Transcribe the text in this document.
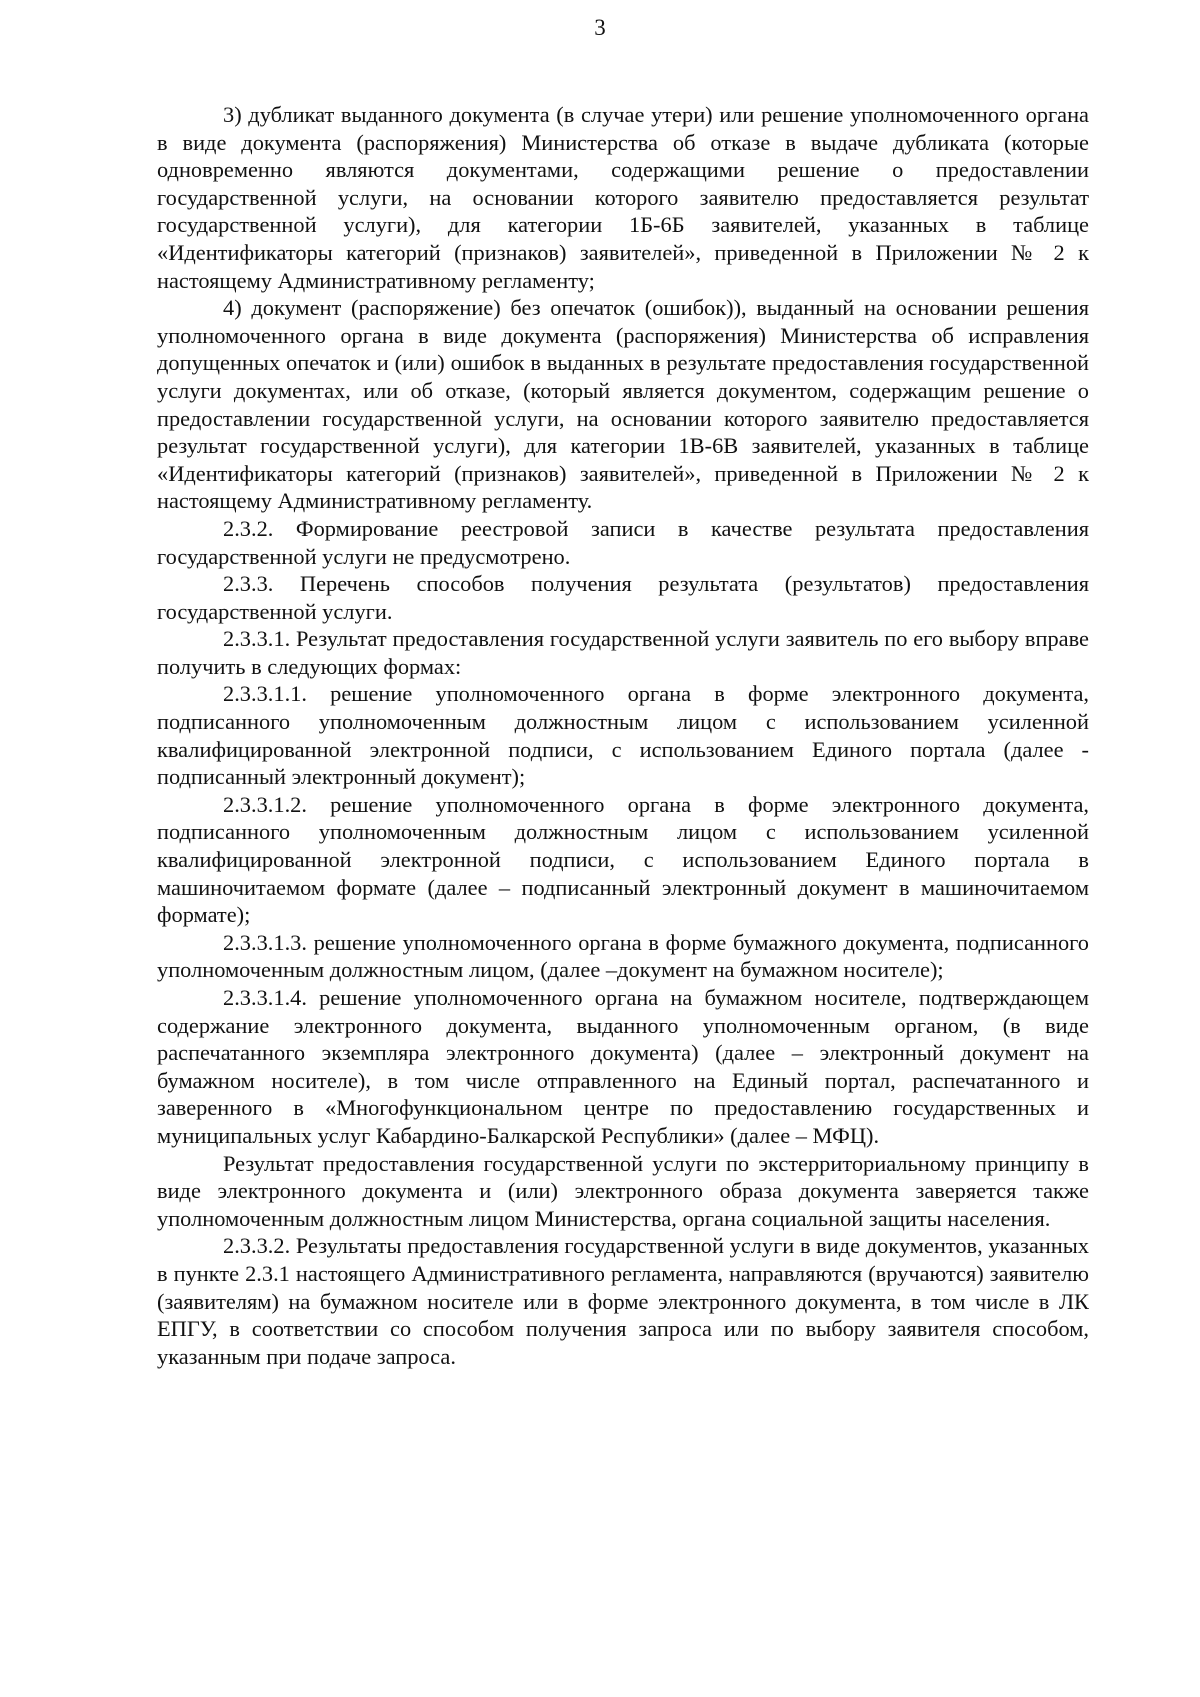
3

3) дубликат выданного документа (в случае утери) или решение уполномоченного органа в виде документа (распоряжения) Министерства об отказе в выдаче дубликата (которые одновременно являются документами, содержащими решение о предоставлении государственной услуги, на основании которого заявителю предоставляется результат государственной услуги), для категории 1Б-6Б заявителей, указанных в таблице «Идентификаторы категорий (признаков) заявителей», приведенной в Приложении № 2 к настоящему Административному регламенту;

4) документ (распоряжение) без опечаток (ошибок)), выданный на основании решения уполномоченного органа в виде документа (распоряжения) Министерства об исправления допущенных опечаток и (или) ошибок в выданных в результате предоставления государственной услуги документах, или об отказе, (который является документом, содержащим решение о предоставлении государственной услуги, на основании которого заявителю предоставляется результат государственной услуги), для категории 1В-6В заявителей, указанных в таблице «Идентификаторы категорий (признаков) заявителей», приведенной в Приложении № 2 к настоящему Административному регламенту.

2.3.2. Формирование реестровой записи в качестве результата предоставления государственной услуги не предусмотрено.

2.3.3. Перечень способов получения результата (результатов) предоставления государственной услуги.

2.3.3.1. Результат предоставления государственной услуги заявитель по его выбору вправе получить в следующих формах:

2.3.3.1.1. решение уполномоченного органа в форме электронного документа, подписанного уполномоченным должностным лицом с использованием усиленной квалифицированной электронной подписи, с использованием Единого портала (далее - подписанный электронный документ);

2.3.3.1.2. решение уполномоченного органа в форме электронного документа, подписанного уполномоченным должностным лицом с использованием усиленной квалифицированной электронной подписи, с использованием Единого портала в машиночитаемом формате (далее – подписанный электронный документ в машиночитаемом формате);

2.3.3.1.3. решение уполномоченного органа в форме бумажного документа, подписанного уполномоченным должностным лицом, (далее –документ на бумажном носителе);

2.3.3.1.4. решение уполномоченного органа на бумажном носителе, подтверждающем содержание электронного документа, выданного уполномоченным органом, (в виде распечатанного экземпляра электронного документа) (далее – электронный документ на бумажном носителе), в том числе отправленного на Единый портал, распечатанного и заверенного в «Многофункциональном центре по предоставлению государственных и муниципальных услуг Кабардино-Балкарской Республики» (далее – МФЦ).

Результат предоставления государственной услуги по экстерриториальному принципу в виде электронного документа и (или) электронного образа документа заверяется также уполномоченным должностным лицом Министерства, органа социальной защиты населения.

2.3.3.2. Результаты предоставления государственной услуги в виде документов, указанных в пункте 2.3.1 настоящего Административного регламента, направляются (вручаются) заявителю (заявителям) на бумажном носителе или в форме электронного документа, в том числе в ЛК ЕПГУ, в соответствии со способом получения запроса или по выбору заявителя способом, указанным при подаче запроса.
